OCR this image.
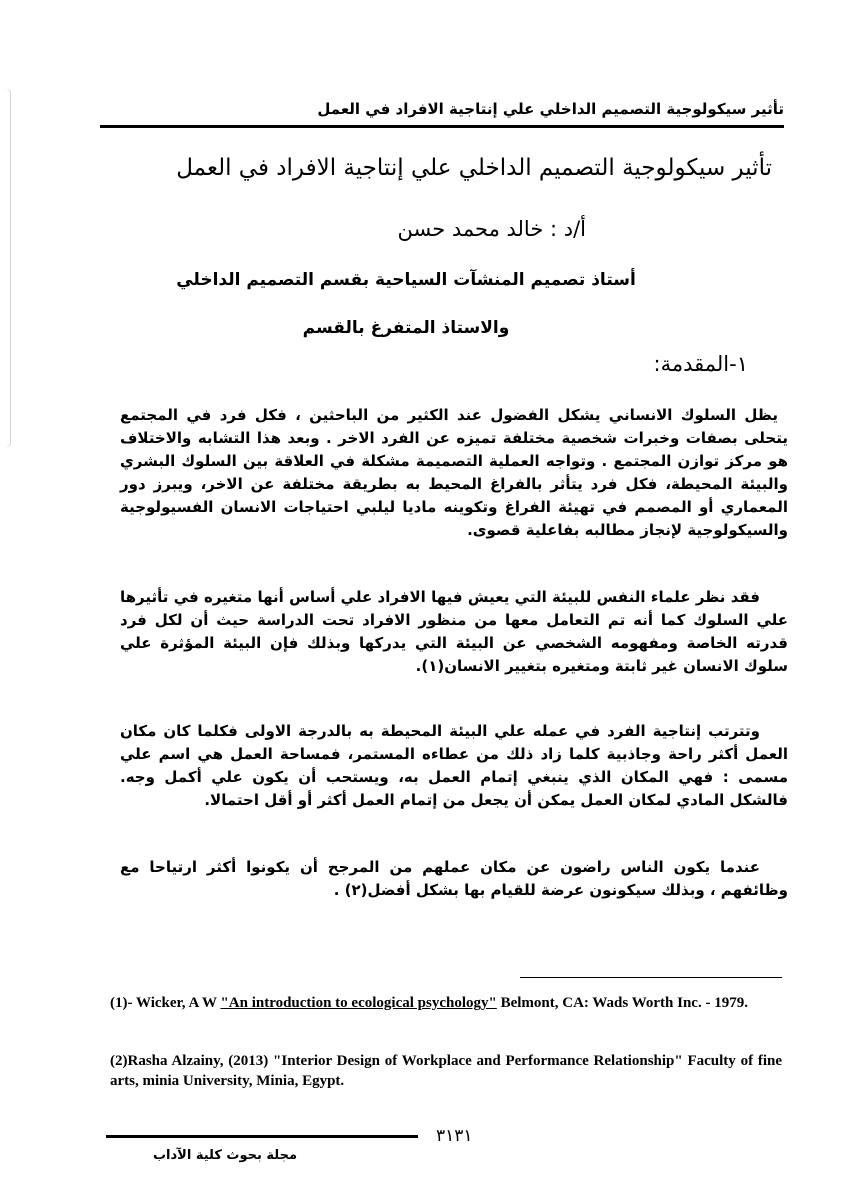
تأثير سيكولوجية التصميم الداخلي علي إنتاجية الافراد في العمل
تأثير سيكولوجية التصميم الداخلي علي إنتاجية الافراد في العمل
أ/د : خالد محمد حسن
أستاذ تصميم المنشآت السياحية بقسم التصميم الداخلي
والاستاذ المتفرغ بالقسم
١-المقدمة:

يظل السلوك الانساني يشكل الفضول عند الكثير من الباحثين ، فكل فرد في المجتمع يتحلى بصفات وخبرات شخصية مختلفة تميزه عن الفرد الاخر . وبعد هذا التشابه والاختلاف هو مركز توازن المجتمع . وتواجه العملية التصميمة مشكلة في العلاقة بين السلوك البشري والبيئة المحيطة، فكل فرد يتأثر بالفراغ المحيط به بطريقة مختلفة عن الاخر، ويبرز دور المعماري أو المصمم في تهيئة الفراغ وتكوينه ماديا ليلبي احتياجات الانسان الفسيولوجية والسيكولوجية لإنجاز مطالبه بفاعلية قصوى.

فقد نظر علماء النفس للبيئة التي يعيش فيها الافراد علي أساس أنها متغيره في تأثيرها علي السلوك كما أنه تم التعامل معها من منظور الافراد تحت الدراسة حيث أن لكل فرد قدرته الخاصة ومفهومه الشخصي عن البيئة التي يدركها وبذلك فإن البيئة المؤثرة علي سلوك الانسان غير ثابتة ومتغيره بتغيير الانسان(١).

وتترتب إنتاجية الفرد في عمله علي البيئة المحيطة به بالدرجة الاولى فكلما كان مكان العمل أكثر راحة وجاذبية كلما زاد ذلك من عطاءه المستمر، فمساحة العمل هي اسم علي مسمى : فهي المكان الذي ينبغي إتمام العمل به، ويستحب أن يكون علي أكمل وجه. فالشكل المادي لمكان العمل يمكن أن يجعل من إتمام العمل أكثر أو أقل احتمالا.

عندما يكون الناس راضون عن مكان عملهم من المرجح أن يكونوا أكثر ارتياحا مع وظائفهم ، وبذلك سيكونون عرضة للقيام بها بشكل أفضل(٢) .

(1)- Wicker, A W "An introduction to ecological psychology" Belmont, CA: Wads Worth Inc. - 1979.
(2)Rasha Alzainy, (2013) "Interior Design of Workplace and Performance Relationship" Faculty of fine arts, minia University, Minia, Egypt.
٣١٣١
مجلة بحوث كلية الآداب
